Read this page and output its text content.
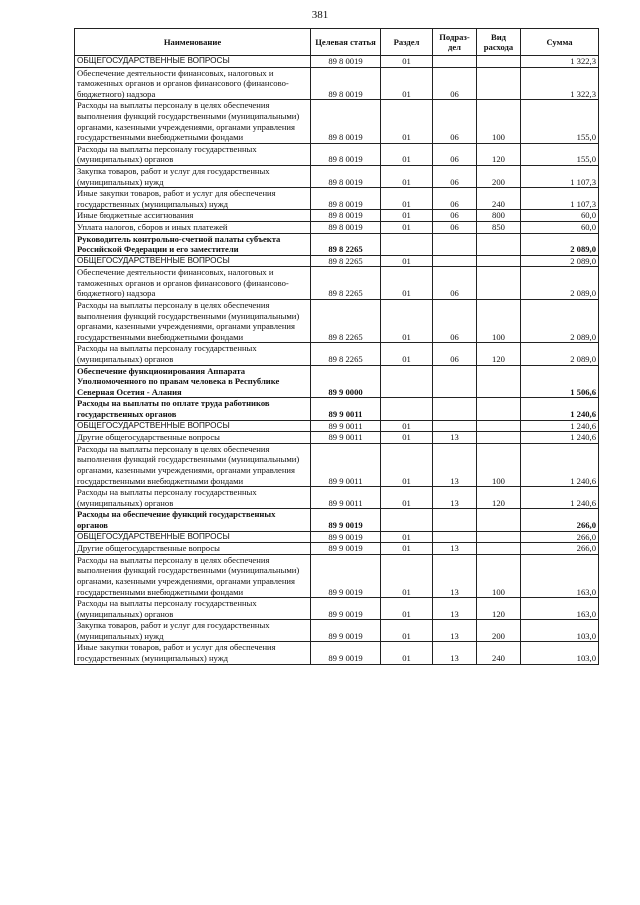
381
Наименование	Целевая статья	Раздел	Подраз-дел	Вид расхода	Сумма
ОБЩЕГОСУДАРСТВЕННЫЕ ВОПРОСЫ	89 8 0019	01			1 322,3
Обеспечение деятельности финансовых, налоговых и таможенных органов и органов финансового (финансово-бюджетного) надзора	89 8 0019	01	06		1 322,3
Расходы на выплаты персоналу в целях обеспечения выполнения функций государственными (муниципальными) органами, казенными учреждениями, органами управления государственными внебюджетными фондами	89 8 0019	01	06	100	155,0
Расходы на выплаты персоналу государственных (муниципальных) органов	89 8 0019	01	06	120	155,0
Закупка товаров, работ и услуг для государственных (муниципальных) нужд	89 8 0019	01	06	200	1 107,3
Иные закупки товаров, работ и услуг для обеспечения государственных (муниципальных) нужд	89 8 0019	01	06	240	1 107,3
Иные бюджетные ассигнования	89 8 0019	01	06	800	60,0
Уплата налогов, сборов и иных платежей	89 8 0019	01	06	850	60,0
Руководитель контрольно-счетной палаты субъекта Российской Федерации и его заместители	89 8 2265				2 089,0
ОБЩЕГОСУДАРСТВЕННЫЕ ВОПРОСЫ	89 8 2265	01			2 089,0
Обеспечение деятельности финансовых, налоговых и таможенных органов и органов финансового (финансово-бюджетного) надзора	89 8 2265	01	06		2 089,0
Расходы на выплаты персоналу в целях обеспечения выполнения функций государственными (муниципальными) органами, казенными учреждениями, органами управления государственными внебюджетными фондами	89 8 2265	01	06	100	2 089,0
Расходы на выплаты персоналу государственных (муниципальных) органов	89 8 2265	01	06	120	2 089,0
Обеспечение функционирования Аппарата Уполномоченного по правам человека в Республике Северная Осетия - Алания	89 9 0000				1 506,6
Расходы на выплаты по оплате труда работников государственных органов	89 9 0011				1 240,6
ОБЩЕГОСУДАРСТВЕННЫЕ ВОПРОСЫ	89 9 0011	01			1 240,6
Другие общегосударственные вопросы	89 9 0011	01	13		1 240,6
Расходы на выплаты персоналу в целях обеспечения выполнения функций государственными (муниципальными) органами, казенными учреждениями, органами управления государственными внебюджетными фондами	89 9 0011	01	13	100	1 240,6
Расходы на выплаты персоналу государственных (муниципальных) органов	89 9 0011	01	13	120	1 240,6
Расходы на обеспечение функций государственных органов	89 9 0019				266,0
ОБЩЕГОСУДАРСТВЕННЫЕ ВОПРОСЫ	89 9 0019	01			266,0
Другие общегосударственные вопросы	89 9 0019	01	13		266,0
Расходы на выплаты персоналу в целях обеспечения выполнения функций государственными (муниципальными) органами, казенными учреждениями, органами управления государственными внебюджетными фондами	89 9 0019	01	13	100	163,0
Расходы на выплаты персоналу государственных (муниципальных) органов	89 9 0019	01	13	120	163,0
Закупка товаров, работ и услуг для государственных (муниципальных) нужд	89 9 0019	01	13	200	103,0
Иные закупки товаров, работ и услуг для обеспечения государственных (муниципальных) нужд	89 9 0019	01	13	240	103,0
